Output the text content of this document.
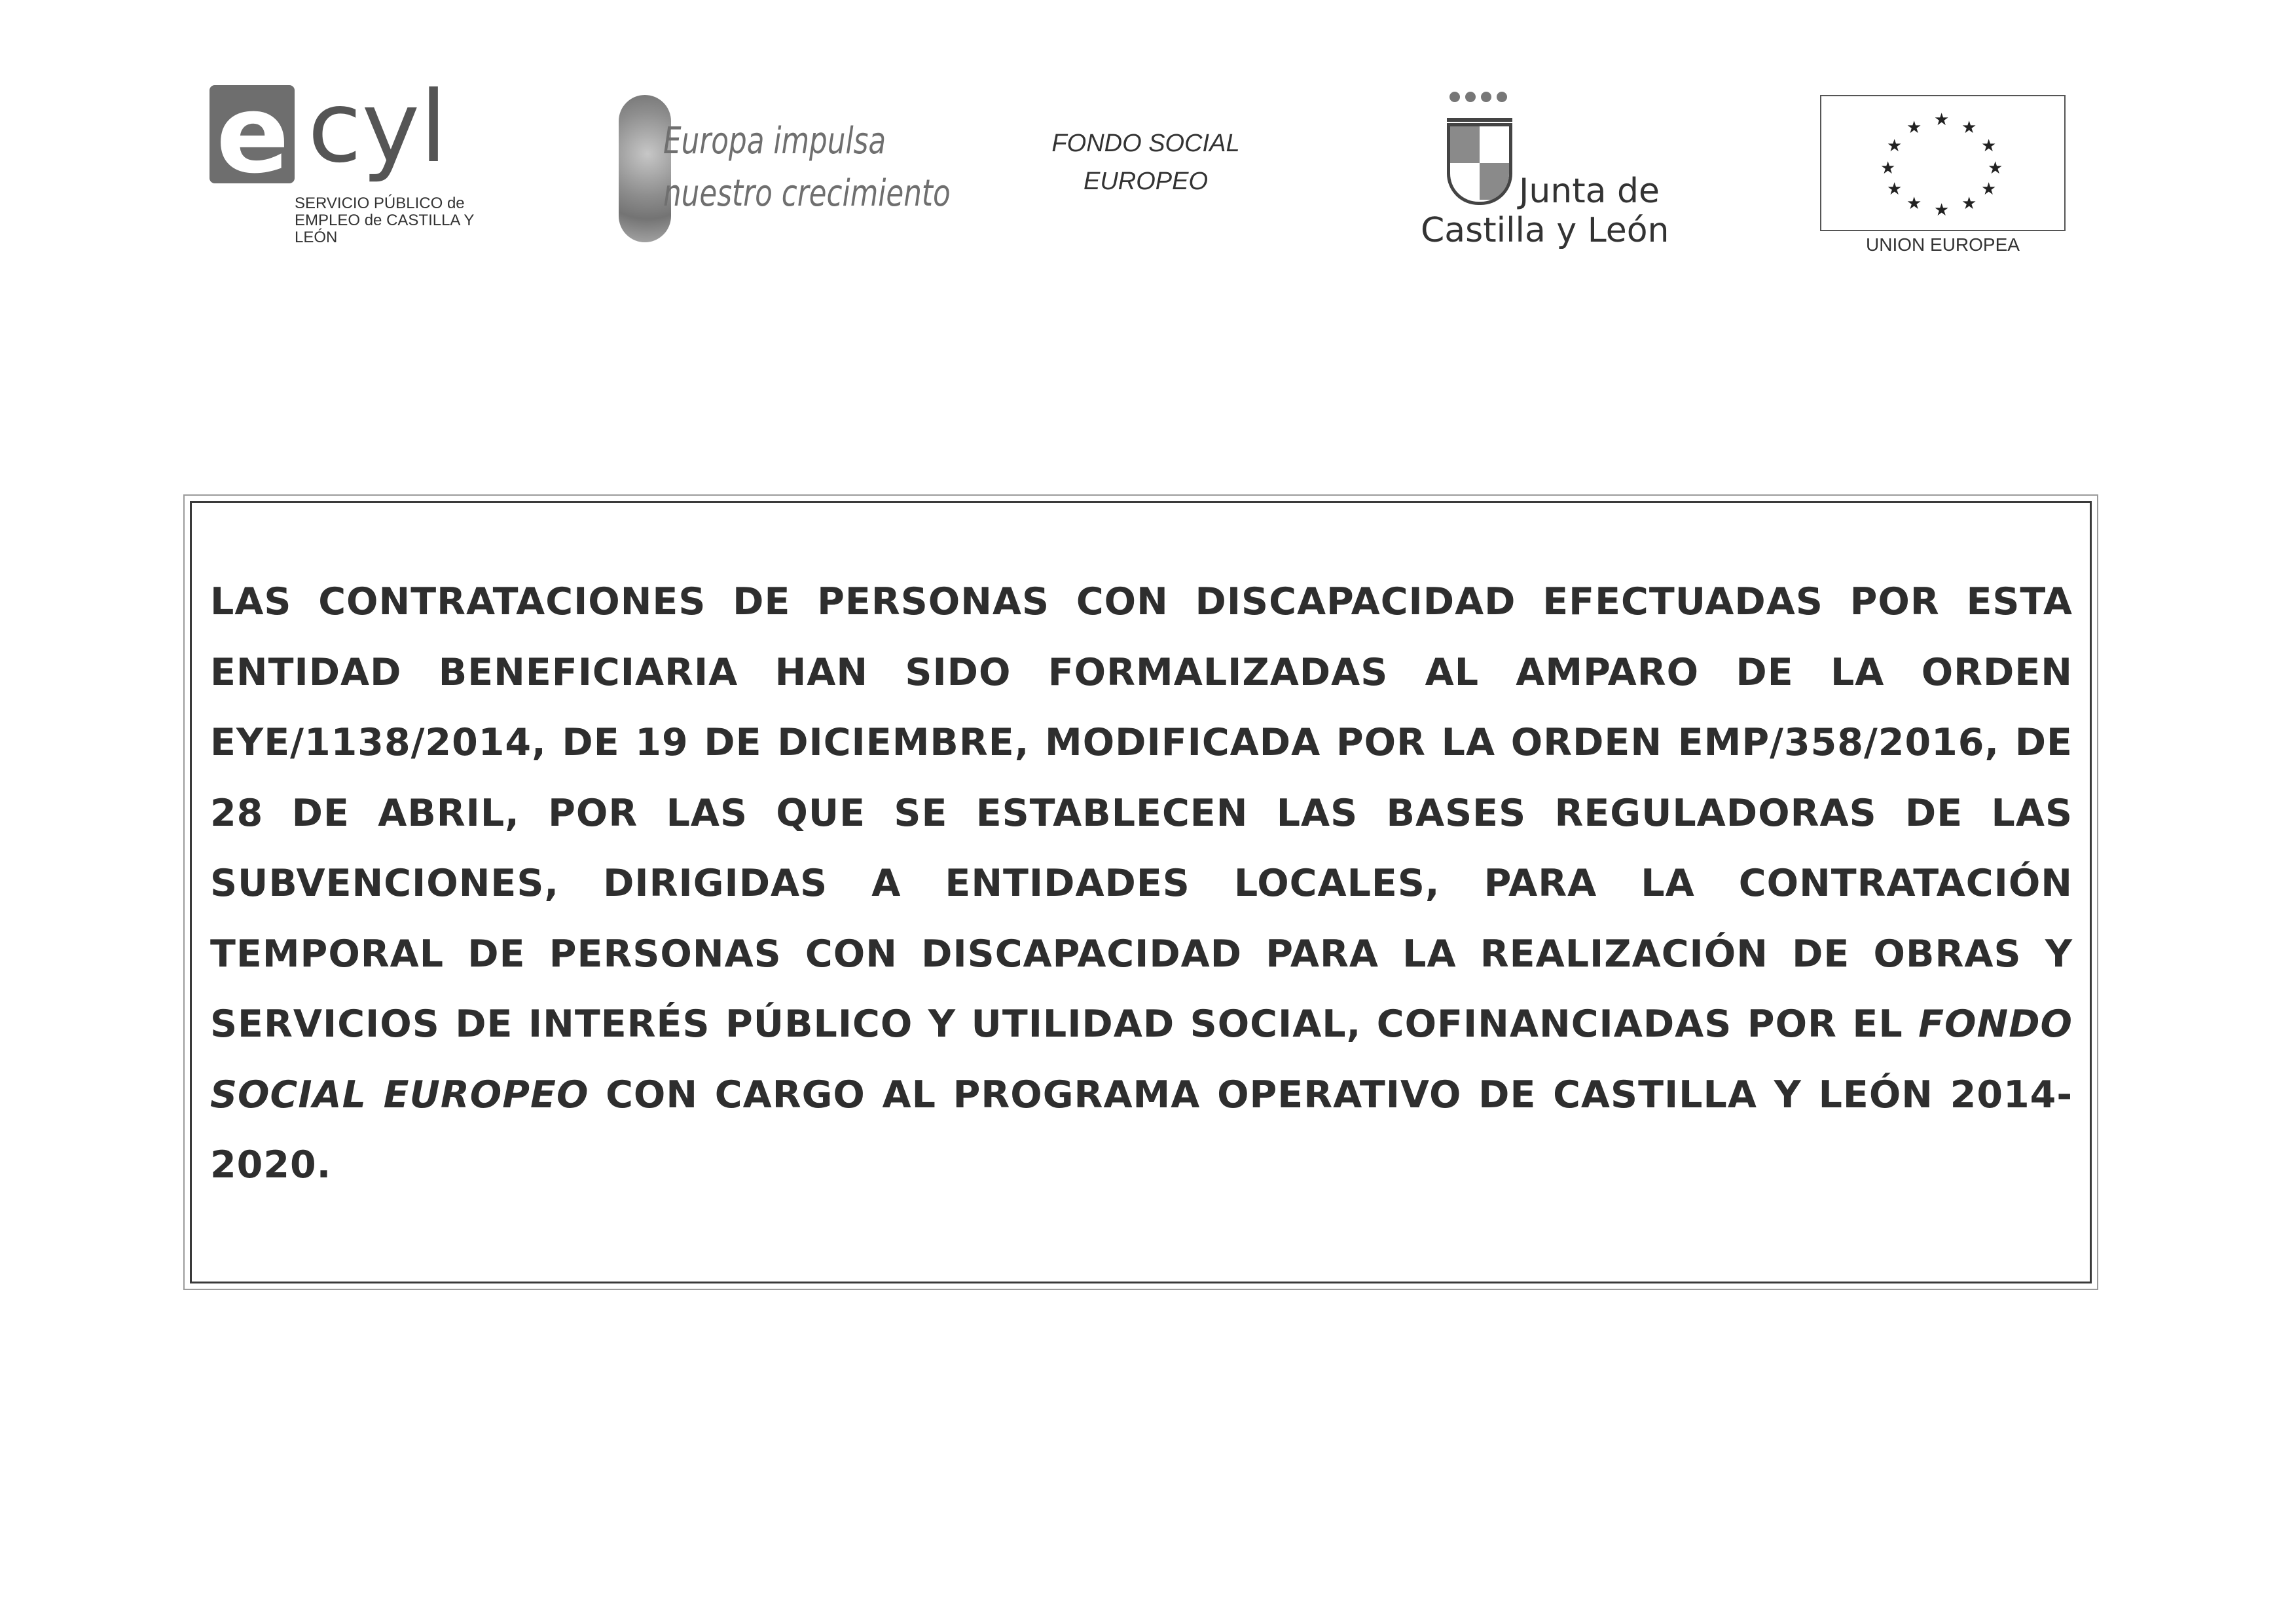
e cyl
SERVICIO PÚBLICO de EMPLEO de CASTILLA Y LEÓN
Europa impulsa
nuestro crecimiento
FONDO SOCIAL
EUROPEO	Junta de
Castilla y León
★
★ ★
★	★
★	★
★	★
★ ★
★
UNION EUROPEA
LAS CONTRATACIONES DE PERSONAS CON DISCAPACIDAD EFECTUADAS POR ESTA ENTIDAD BENEFICIARIA HAN SIDO FORMALIZADAS AL AMPARO DE LA ORDEN EYE/1138/2014, DE 19 DE DICIEMBRE, MODIFICADA POR LA ORDEN EMP/358/2016, DE 28 DE ABRIL, POR LAS QUE SE ESTABLECEN LAS BASES REGULADORAS DE LAS SUBVENCIONES, DIRIGIDAS A ENTIDADES LOCALES, PARA LA CONTRATACIÓN TEMPORAL DE PERSONAS CON DISCAPACIDAD PARA LA REALIZACIÓN DE OBRAS Y SERVICIOS DE INTERÉS PÚBLICO Y UTILIDAD SOCIAL, COFINANCIADAS POR EL FONDO SOCIAL EUROPEO CON CARGO AL PROGRAMA OPERATIVO DE CASTILLA Y LEÓN 2014-2020.
